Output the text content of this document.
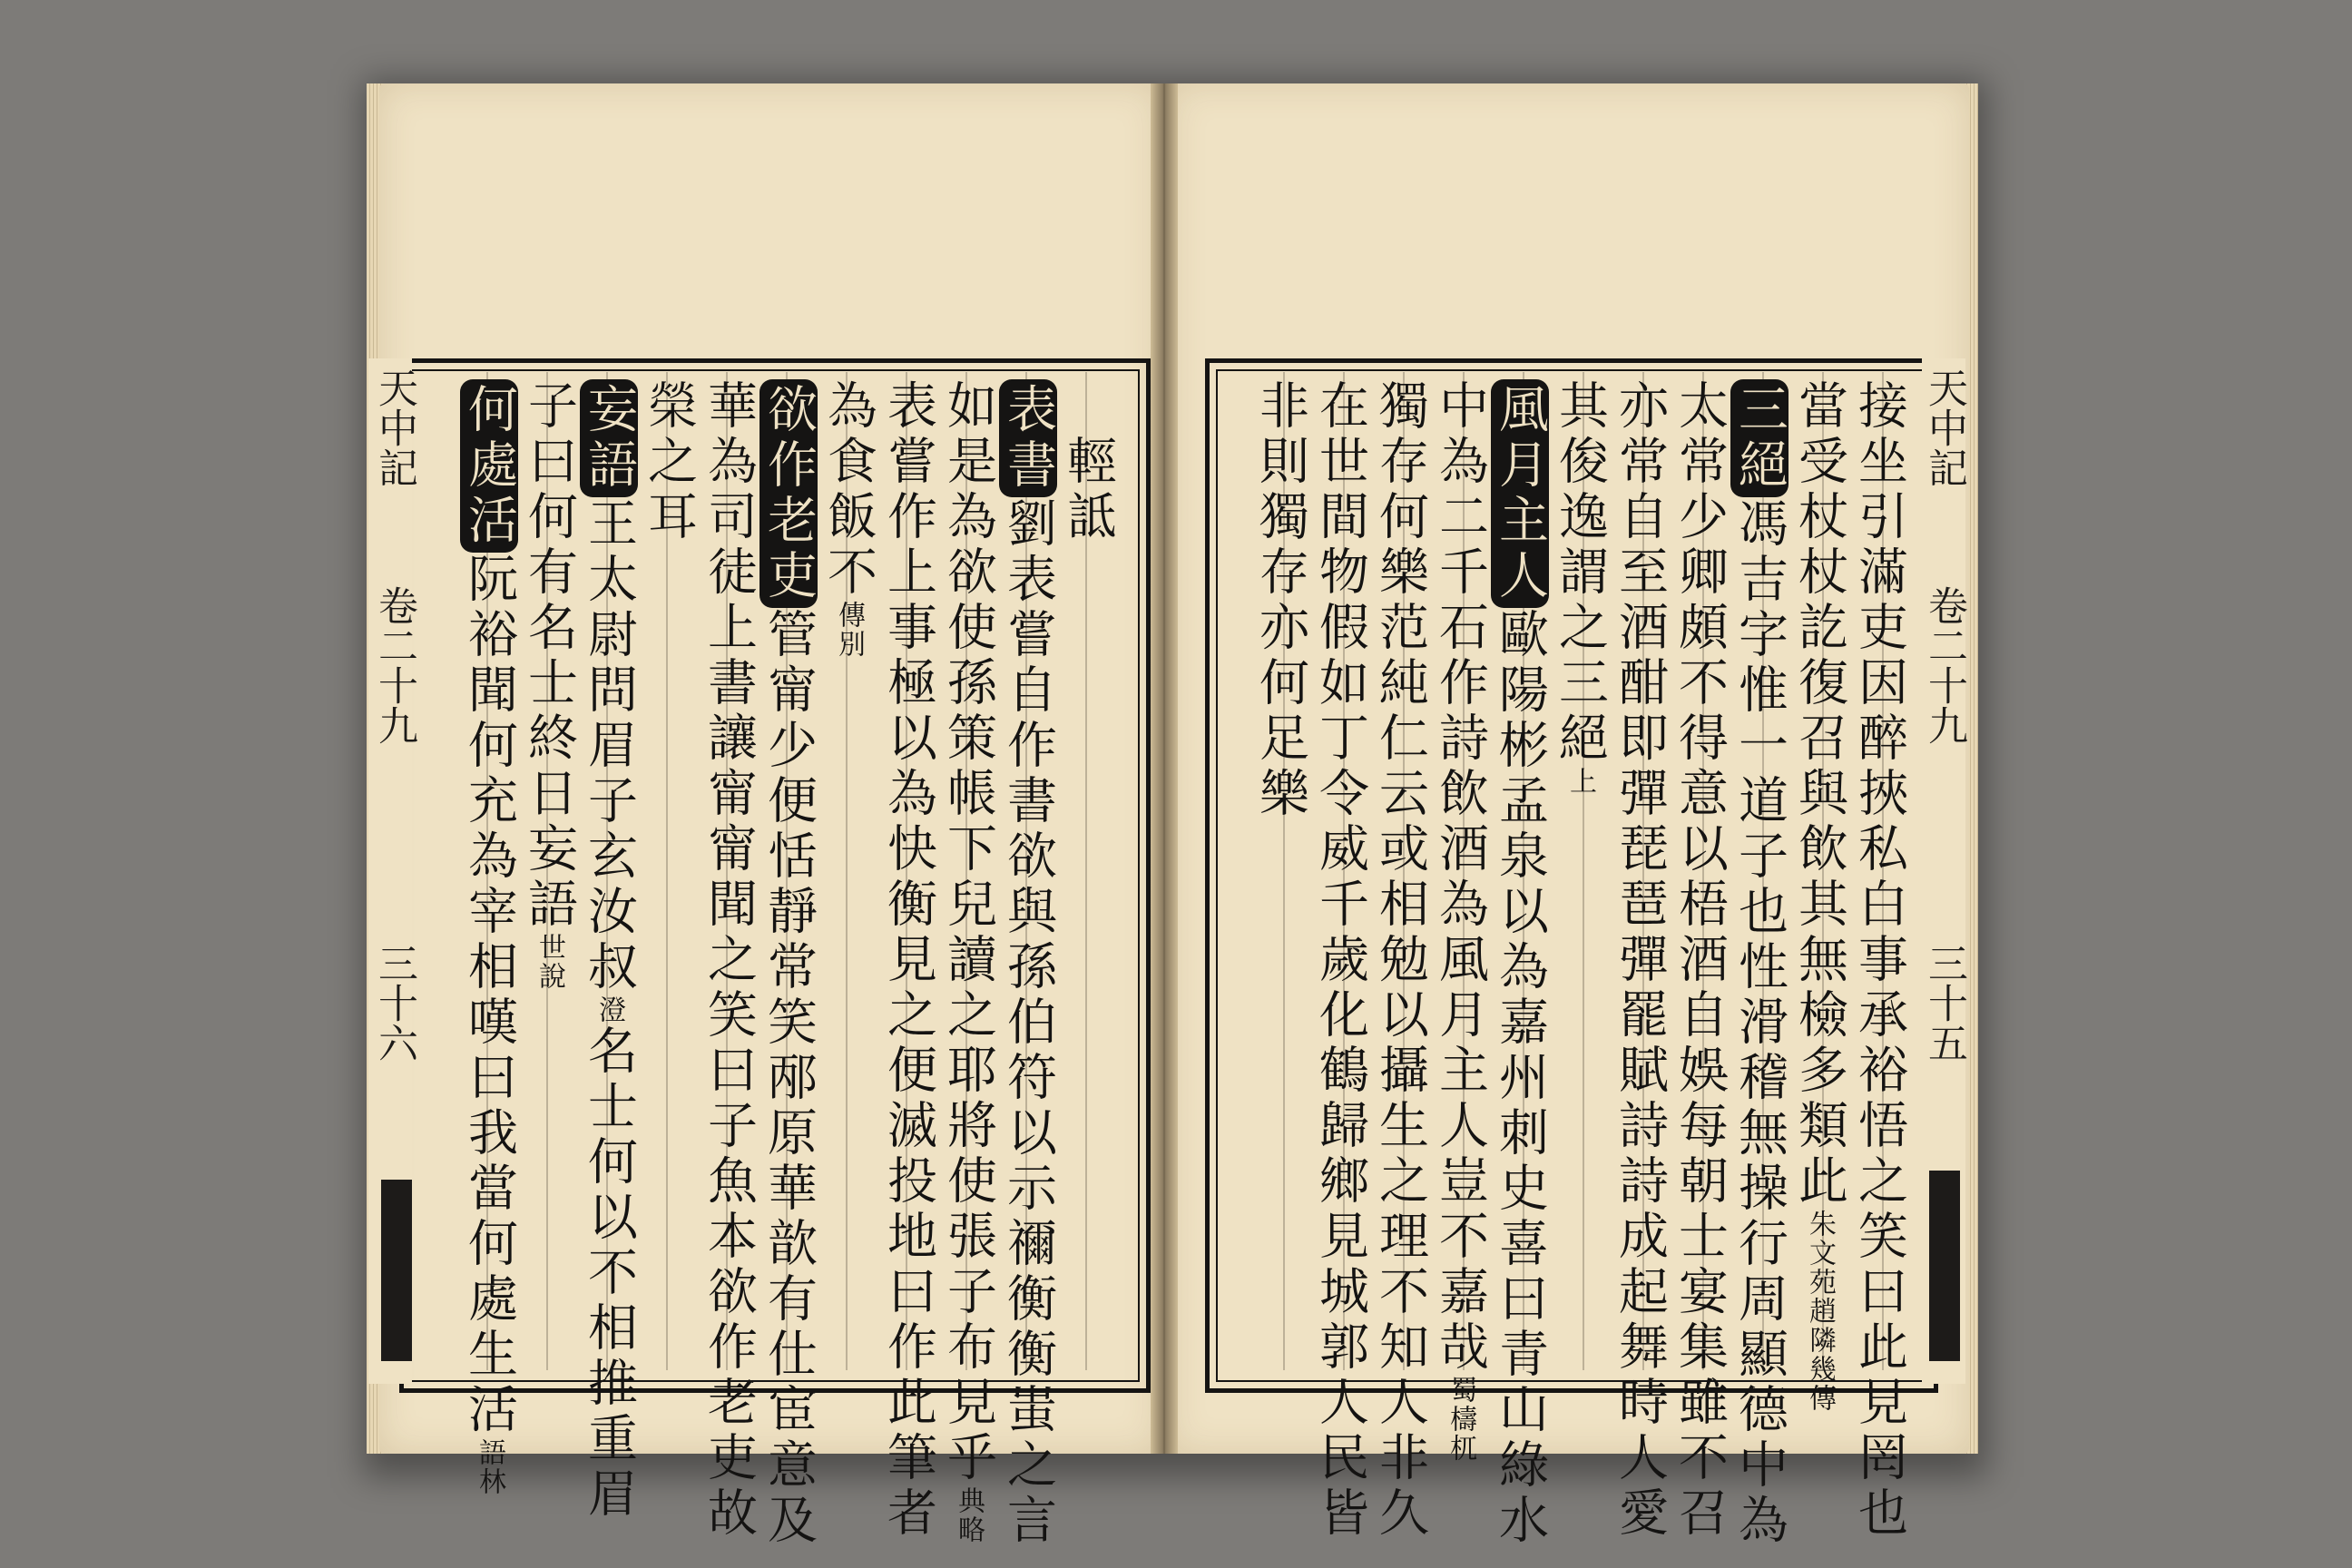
天中記  卷二十九  三十六
天中記  卷二十九  三十五
　輕詆
表書劉表嘗自作書欲與孫伯符以示禰衡衡蚩之言
如是為欲使孫策帳下兒讀之耶將使張子布見乎典略
表嘗作上事極以為快衡見之便滅投地曰作此筆者
為食飯不傳別
欲作老吏管甯少便恬靜常笑邴原華歆有仕宦意及
華為司徒上書讓甯甯聞之笑曰子魚本欲作老吏故
榮之耳
妄語王太尉問眉子玄汝叔澄名士何以不相推重眉
子曰何有名士終日妄語世說
何處活阮裕聞何充為宰相嘆曰我當何處生活語林	接坐引滿吏因醉挾私白事承裕悟之笑曰此見罔也
當受杖杖訖復召與飲其無檢多類此朱文苑趙隣幾傳
三絕馮吉字惟一道子也性滑稽無操行周顯德中為
太常少卿頗不得意以梧酒自娛每朝士宴集雖不召
亦常自至酒酣即彈琵琶彈罷賦詩詩成起舞時人愛
其俊逸謂之三絕上
風月主人歐陽彬孟泉以為嘉州刺史喜曰青山綠水
中為二千石作詩飲酒為風月主人豈不嘉哉蜀檮杌
獨存何樂范純仁云或相勉以攝生之理不知人非久
在世間物假如丁令威千歲化鶴歸鄉見城郭人民皆
非則獨存亦何足樂
